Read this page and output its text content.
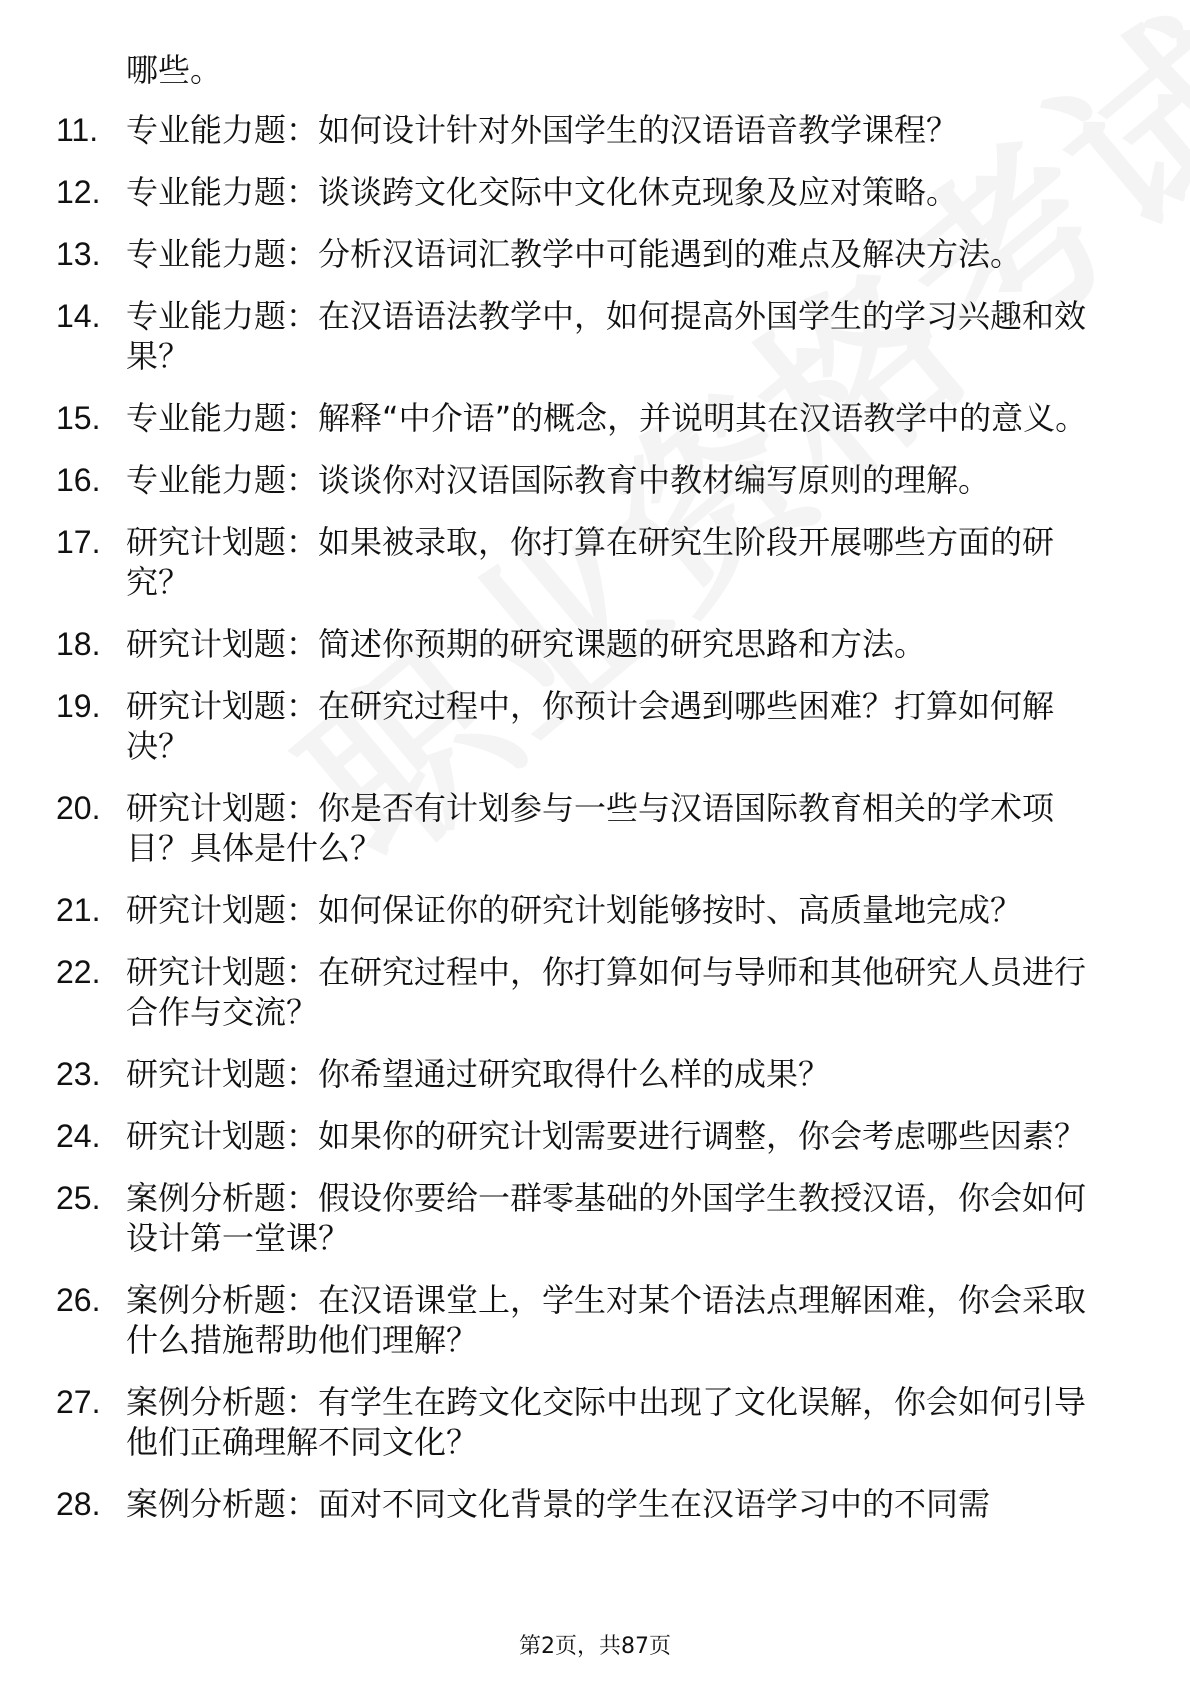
哪些。

11. 专业能力题：如何设计针对外国学生的汉语语音教学课程？
12. 专业能力题：谈谈跨文化交际中文化休克现象及应对策略。
13. 专业能力题：分析汉语词汇教学中可能遇到的难点及解决方法。
14. 专业能力题：在汉语语法教学中，如何提高外国学生的学习兴趣和效果？
15. 专业能力题：解释“中介语”的概念，并说明其在汉语教学中的意义。
16. 专业能力题：谈谈你对汉语国际教育中教材编写原则的理解。
17. 研究计划题：如果被录取，你打算在研究生阶段开展哪些方面的研究？
18. 研究计划题：简述你预期的研究课题的研究思路和方法。
19. 研究计划题：在研究过程中，你预计会遇到哪些困难？打算如何解决？
20. 研究计划题：你是否有计划参与一些与汉语国际教育相关的学术项目？具体是什么？
21. 研究计划题：如何保证你的研究计划能够按时、高质量地完成？
22. 研究计划题：在研究过程中，你打算如何与导师和其他研究人员进行合作与交流？
23. 研究计划题：你希望通过研究取得什么样的成果？
24. 研究计划题：如果你的研究计划需要进行调整，你会考虑哪些因素？
25. 案例分析题：假设你要给一群零基础的外国学生教授汉语，你会如何设计第一堂课？
26. 案例分析题：在汉语课堂上，学生对某个语法点理解困难，你会采取什么措施帮助他们理解？
27. 案例分析题：有学生在跨文化交际中出现了文化误解，你会如何引导他们正确理解不同文化？
28. 案例分析题：面对不同文化背景的学生在汉语学习中的不同需
第2页，共87页
